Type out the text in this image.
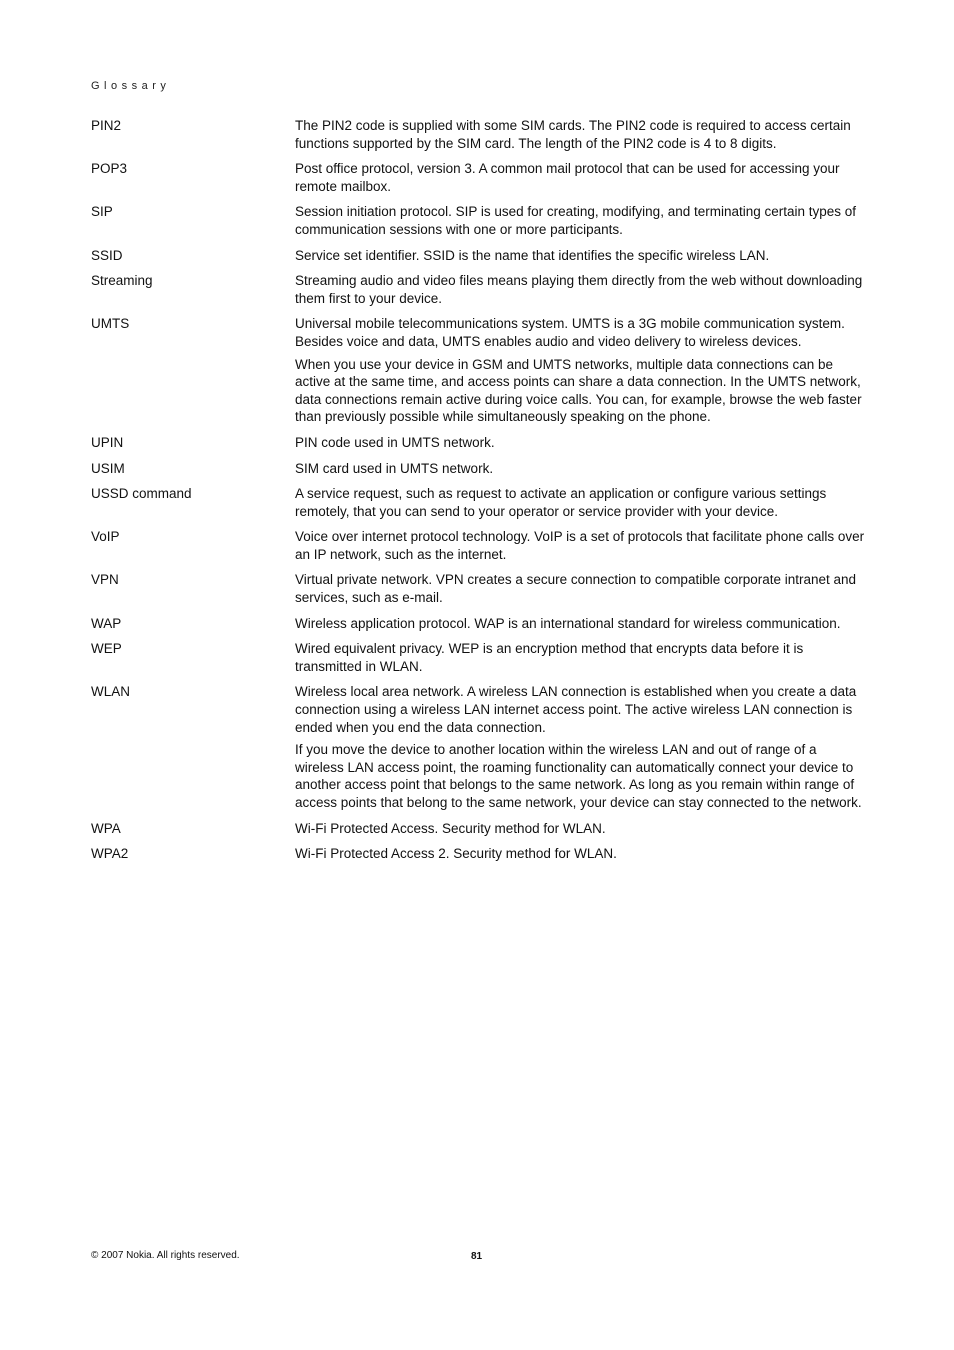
Glossary
PIN2	The PIN2 code is supplied with some SIM cards. The PIN2 code is required to access certain functions supported by the SIM card. The length of the PIN2 code is 4 to 8 digits.

POP3	Post office protocol, version 3. A common mail protocol that can be used for accessing your remote mailbox.

SIP	Session initiation protocol. SIP is used for creating, modifying, and terminating certain types of communication sessions with one or more participants.

SSID	Service set identifier. SSID is the name that identifies the specific wireless LAN.

Streaming	Streaming audio and video files means playing them directly from the web without downloading them first to your device.

UMTS	Universal mobile telecommunications system. UMTS is a 3G mobile communication system. Besides voice and data, UMTS enables audio and video delivery to wireless devices.

When you use your device in GSM and UMTS networks, multiple data connections can be active at the same time, and access points can share a data connection. In the UMTS network, data connections remain active during voice calls. You can, for example, browse the web faster than previously possible while simultaneously speaking on the phone.

UPIN	PIN code used in UMTS network.

USIM	SIM card used in UMTS network.

USSD command	A service request, such as request to activate an application or configure various settings remotely, that you can send to your operator or service provider with your device.

VoIP	Voice over internet protocol technology. VoIP is a set of protocols that facilitate phone calls over an IP network, such as the internet.

VPN	Virtual private network. VPN creates a secure connection to compatible corporate intranet and services, such as e-mail.

WAP	Wireless application protocol. WAP is an international standard for wireless communication.

WEP	Wired equivalent privacy. WEP is an encryption method that encrypts data before it is transmitted in WLAN.

WLAN	Wireless local area network. A wireless LAN connection is established when you create a data connection using a wireless LAN internet access point. The active wireless LAN connection is ended when you end the data connection.

If you move the device to another location within the wireless LAN and out of range of a wireless LAN access point, the roaming functionality can automatically connect your device to another access point that belongs to the same network. As long as you remain within range of access points that belong to the same network, your device can stay connected to the network.

WPA	Wi-Fi Protected Access. Security method for WLAN.

WPA2	Wi-Fi Protected Access 2. Security method for WLAN.

© 2007 Nokia. All rights reserved.	81
